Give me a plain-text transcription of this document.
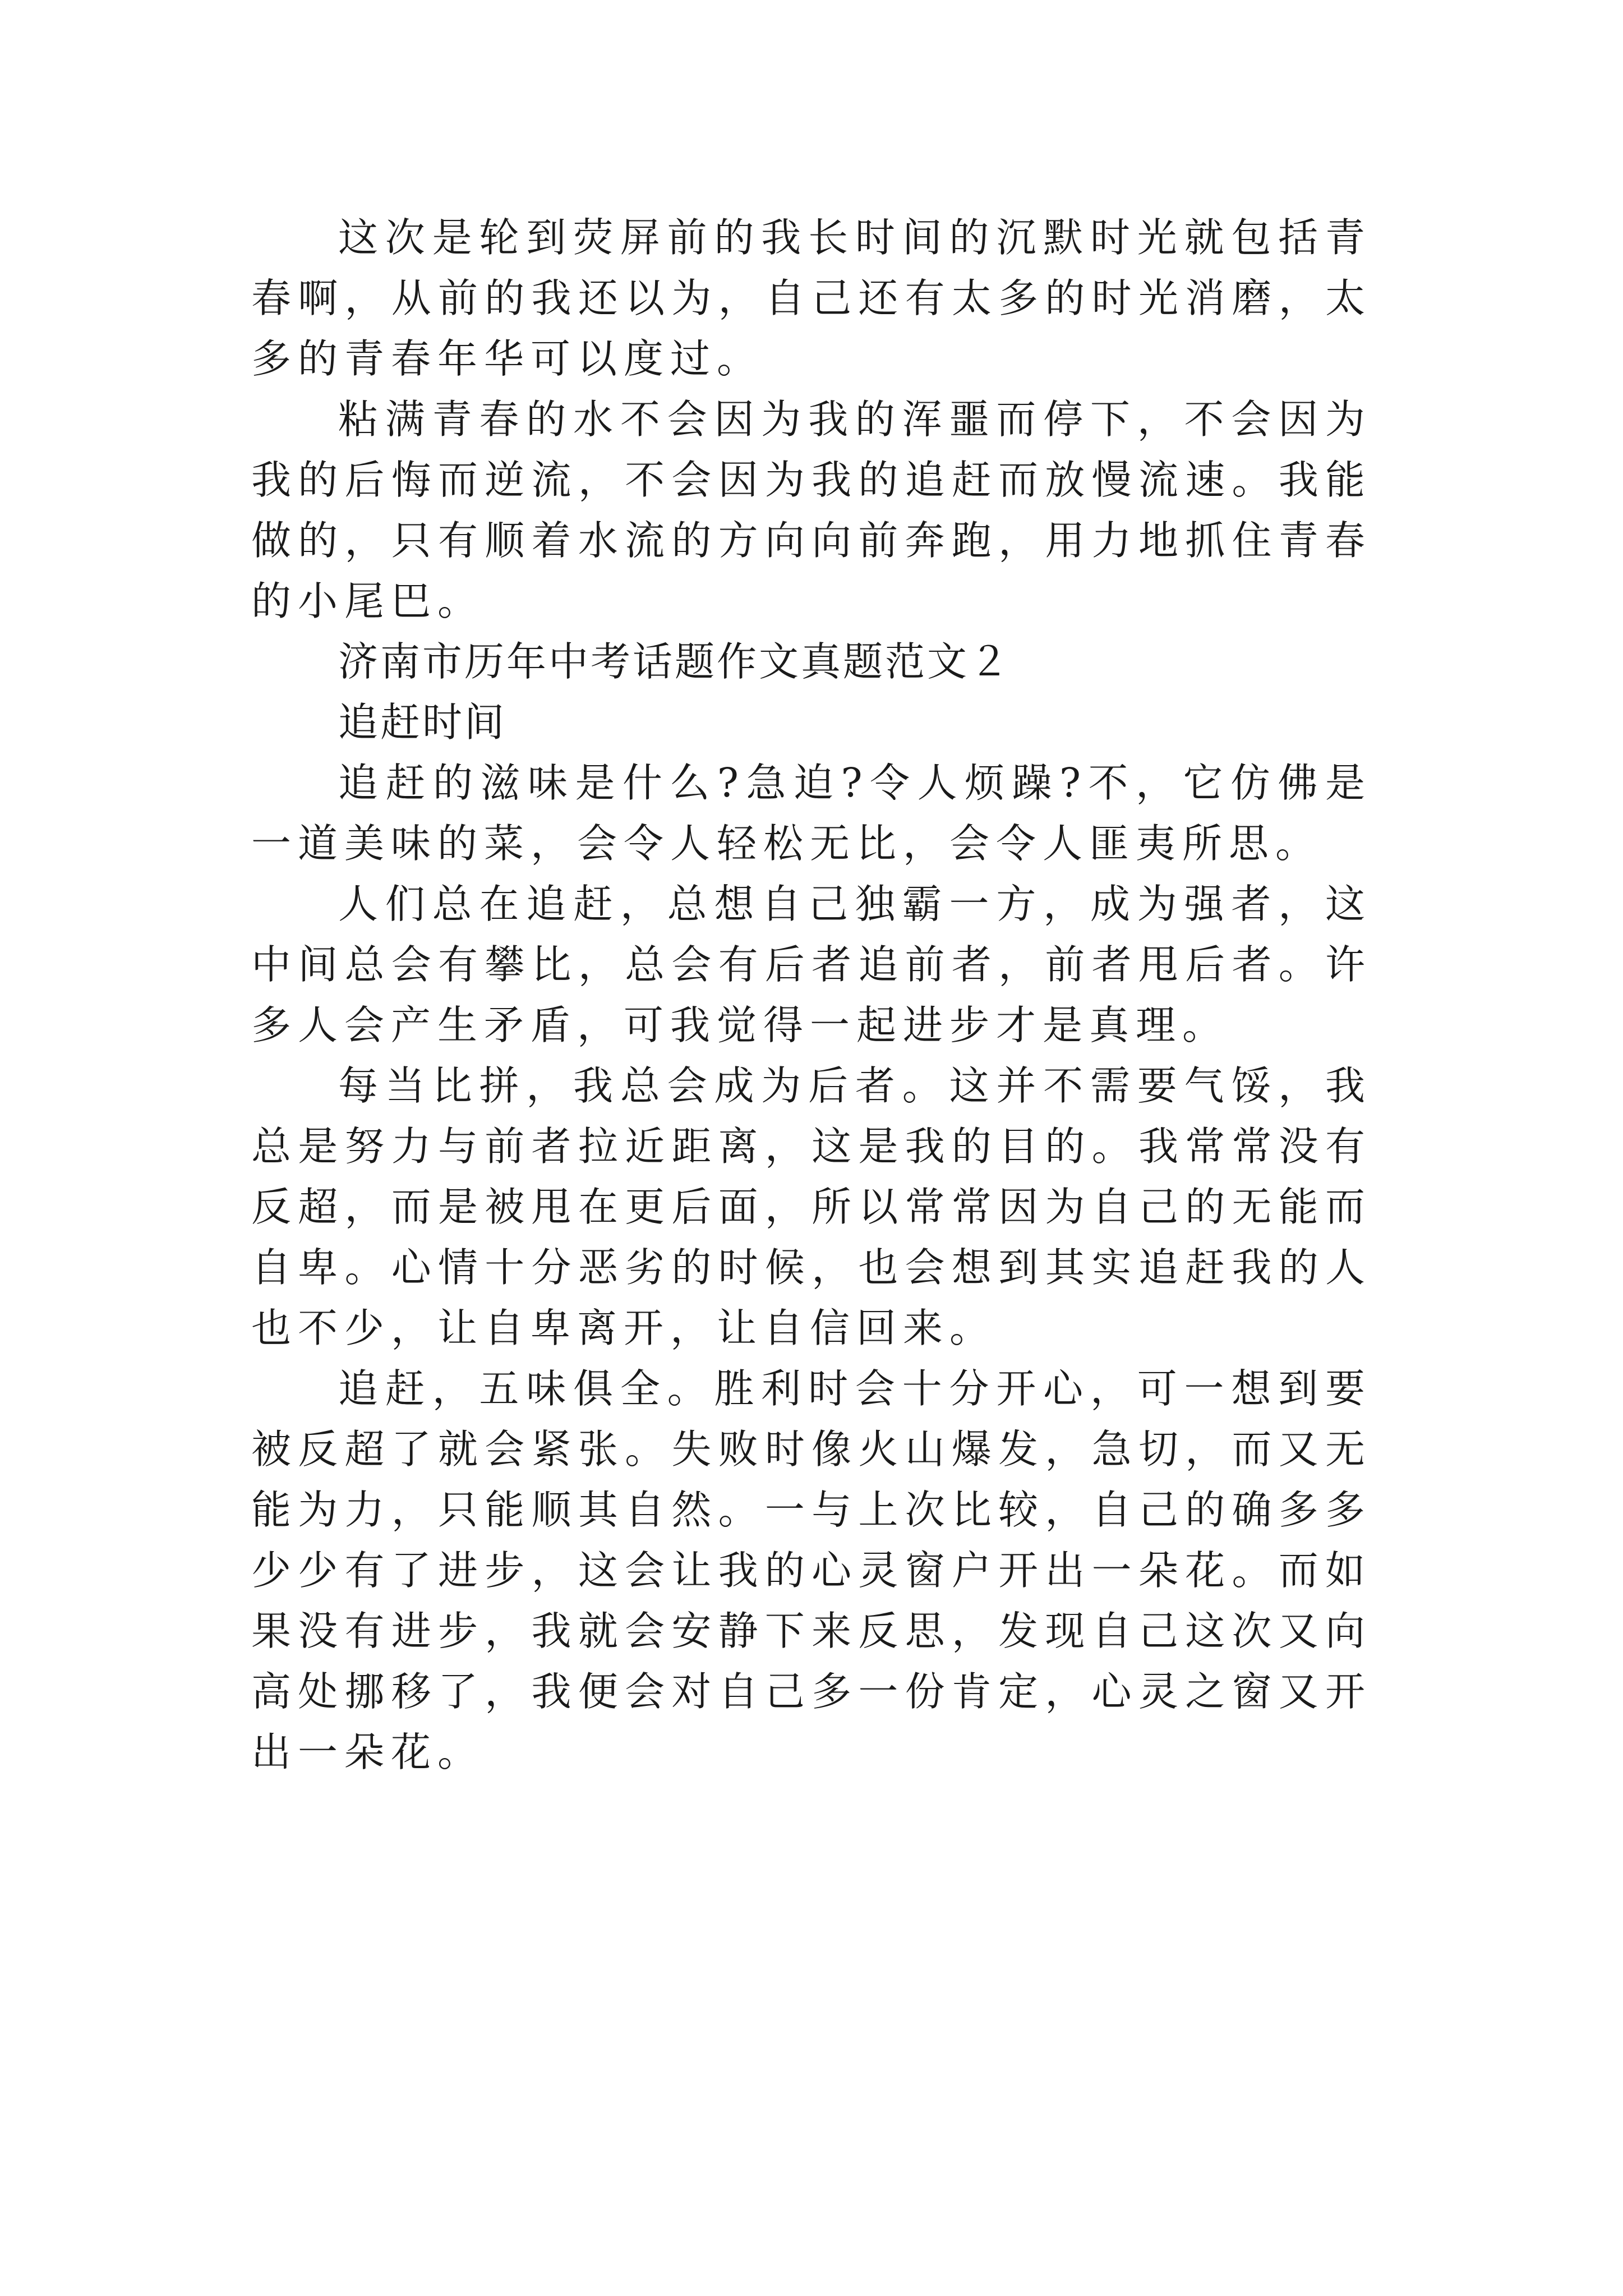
这次是轮到荧屏前的我长时间的沉默时光就包括青春啊，从前的我还以为，自己还有太多的时光消磨，太多的青春年华可以度过。

粘满青春的水不会因为我的浑噩而停下，不会因为我的后悔而逆流，不会因为我的追赶而放慢流速。我能做的，只有顺着水流的方向向前奔跑，用力地抓住青春的小尾巴。

济南市历年中考话题作文真题范文２

追赶时间

追赶的滋味是什么?急迫?令人烦躁?不，它仿佛是一道美味的菜，会令人轻松无比，会令人匪夷所思。

人们总在追赶，总想自己独霸一方，成为强者，这中间总会有攀比，总会有后者追前者，前者甩后者。许多人会产生矛盾，可我觉得一起进步才是真理。

每当比拼，我总会成为后者。这并不需要气馁，我总是努力与前者拉近距离，这是我的目的。我常常没有反超，而是被甩在更后面，所以常常因为自己的无能而自卑。心情十分恶劣的时候，也会想到其实追赶我的人也不少，让自卑离开，让自信回来。

追赶，五味俱全。胜利时会十分开心，可一想到要被反超了就会紧张。失败时像火山爆发，急切，而又无能为力，只能顺其自然。一与上次比较，自己的确多多少少有了进步，这会让我的心灵窗户开出一朵花。而如果没有进步，我就会安静下来反思，发现自己这次又向高处挪移了，我便会对自己多一份肯定，心灵之窗又开出一朵花。
